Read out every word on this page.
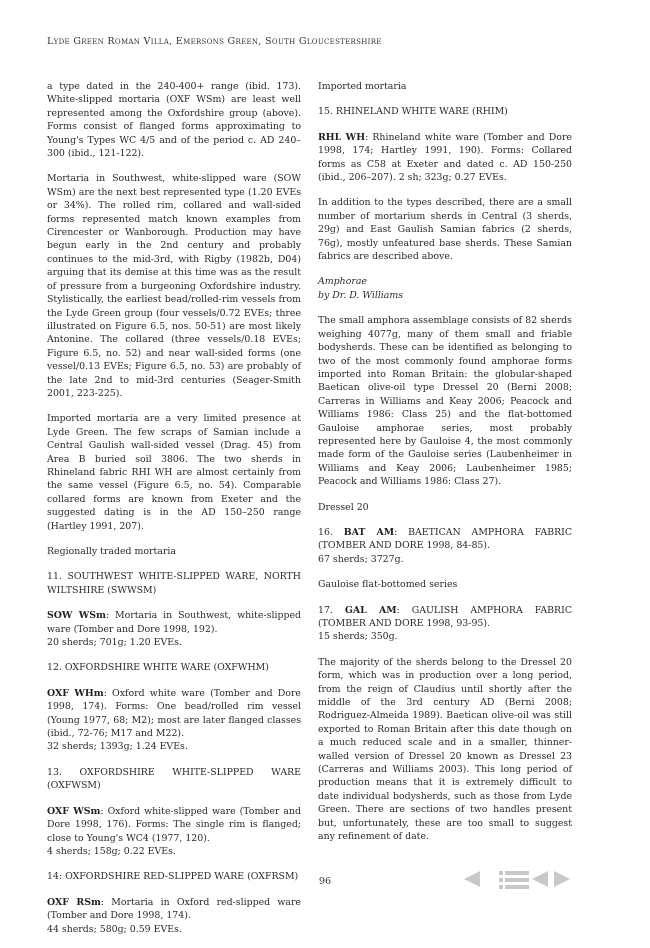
Lyde Green Roman Villa, Emersons Green, South Gloucestershire

a type dated in the 240-400+ range (ibid. 173). White-slipped mortaria (OXF WSm) are least well represented among the Oxfordshire group (above). Forms consist of flanged forms approximating to Young's Types WC 4/5 and of the period c. AD 240–300 (ibid., 121-122).

Mortaria in Southwest, white-slipped ware (SOW WSm) are the next best represented type (1.20 EVEs or 34%). The rolled rim, collared and wall-sided forms represented match known examples from Cirencester or Wanborough. Production may have begun early in the 2nd century and probably continues to the mid-3rd, with Rigby (1982b, D04) arguing that its demise at this time was as the result of pressure from a burgeoning Oxfordshire industry. Stylistically, the earliest bead/rolled-rim vessels from the Lyde Green group (four vessels/0.72 EVEs; three illustrated on Figure 6.5, nos. 50-51) are most likely Antonine. The collared (three vessels/0.18 EVEs; Figure 6.5, no. 52) and near wall-sided forms (one vessel/0.13 EVEs; Figure 6.5, no. 53) are probably of the late 2nd to mid-3rd centuries (Seager-Smith 2001, 223-225).

Imported mortaria are a very limited presence at Lyde Green. The few scraps of Samian include a Central Gaulish wall-sided vessel (Drag. 45) from Area B buried soil 3806. The two sherds in Rhineland fabric RHI WH are almost certainly from the same vessel (Figure 6.5, no. 54). Comparable collared forms are known from Exeter and the suggested dating is in the AD 150–250 range (Hartley 1991, 207).

Regionally traded mortaria

11. SOUTHWEST WHITE-SLIPPED WARE, NORTH WILTSHIRE (SWWSM)

SOW WSm: Mortaria in Southwest, white-slipped ware (Tomber and Dore 1998, 192).

20 sherds; 701g; 1.20 EVEs.

12. OXFORDSHIRE WHITE WARE (OXFWHM)

OXF WHm: Oxford white ware (Tomber and Dore 1998, 174). Forms: One bead/rolled rim vessel (Young 1977, 68; M2); most are later flanged classes (ibid., 72-76; M17 and M22).

32 sherds; 1393g; 1.24 EVEs.

13. OXFORDSHIRE WHITE-SLIPPED WARE (OXFWSM)

OXF WSm: Oxford white-slipped ware (Tomber and Dore 1998, 176). Forms: The single rim is flanged; close to Young's WC4 (1977, 120).

4 sherds; 158g; 0.22 EVEs.

14: OXFORDSHIRE RED-SLIPPED WARE (OXFRSM)

OXF RSm: Mortaria in Oxford red-slipped ware (Tomber and Dore 1998, 174).

44 sherds; 580g; 0.59 EVEs.

Imported mortaria

15. RHINELAND WHITE WARE (RHIM)

RHL WH: Rhineland white ware (Tomber and Dore 1998, 174; Hartley 1991, 190). Forms: Collared forms as C58 at Exeter and dated c. AD 150-250 (ibid., 206–207). 2 sh; 323g; 0.27 EVEs.

In addition to the types described, there are a small number of mortarium sherds in Central (3 sherds, 29g) and East Gaulish Samian fabrics (2 sherds, 76g), mostly unfeatured base sherds. These Samian fabrics are described above.

Amphorae

by Dr. D. Williams

The small amphora assemblage consists of 82 sherds weighing 4077g, many of them small and friable bodysherds. These can be identified as belonging to two of the most commonly found amphorae forms imported into Roman Britain: the globular-shaped Baetican olive-oil type Dressel 20 (Berni 2008; Carreras in Williams and Keay 2006; Peacock and Williams 1986: Class 25) and the flat-bottomed Gauloise amphorae series, most probably represented here by Gauloise 4, the most commonly made form of the Gauloise series (Laubenheimer in Williams and Keay 2006; Laubenheimer 1985; Peacock and Williams 1986: Class 27).

Dressel 20

16. BAT AM: BAETICAN AMPHORA FABRIC (TOMBER AND DORE 1998, 84-85).

67 sherds; 3727g.

Gauloise flat-bottomed series

17. GAL AM: GAULISH AMPHORA FABRIC (TOMBER AND DORE 1998, 93-95).

15 sherds; 350g.

The majority of the sherds belong to the Dressel 20 form, which was in production over a long period, from the reign of Claudius until shortly after the middle of the 3rd century AD (Berni 2008; Rodriguez-Almeida 1989). Baetican olive-oil was still exported to Roman Britain after this date though on a much reduced scale and in a smaller, thinner-walled version of Dressel 20 known as Dressel 23 (Carreras and Williams 2003). This long period of production means that it is extremely difficult to date individual bodysherds, such as those from Lyde Green. There are sections of two handles present but, unfortunately, these are too small to suggest any refinement of date.

96
